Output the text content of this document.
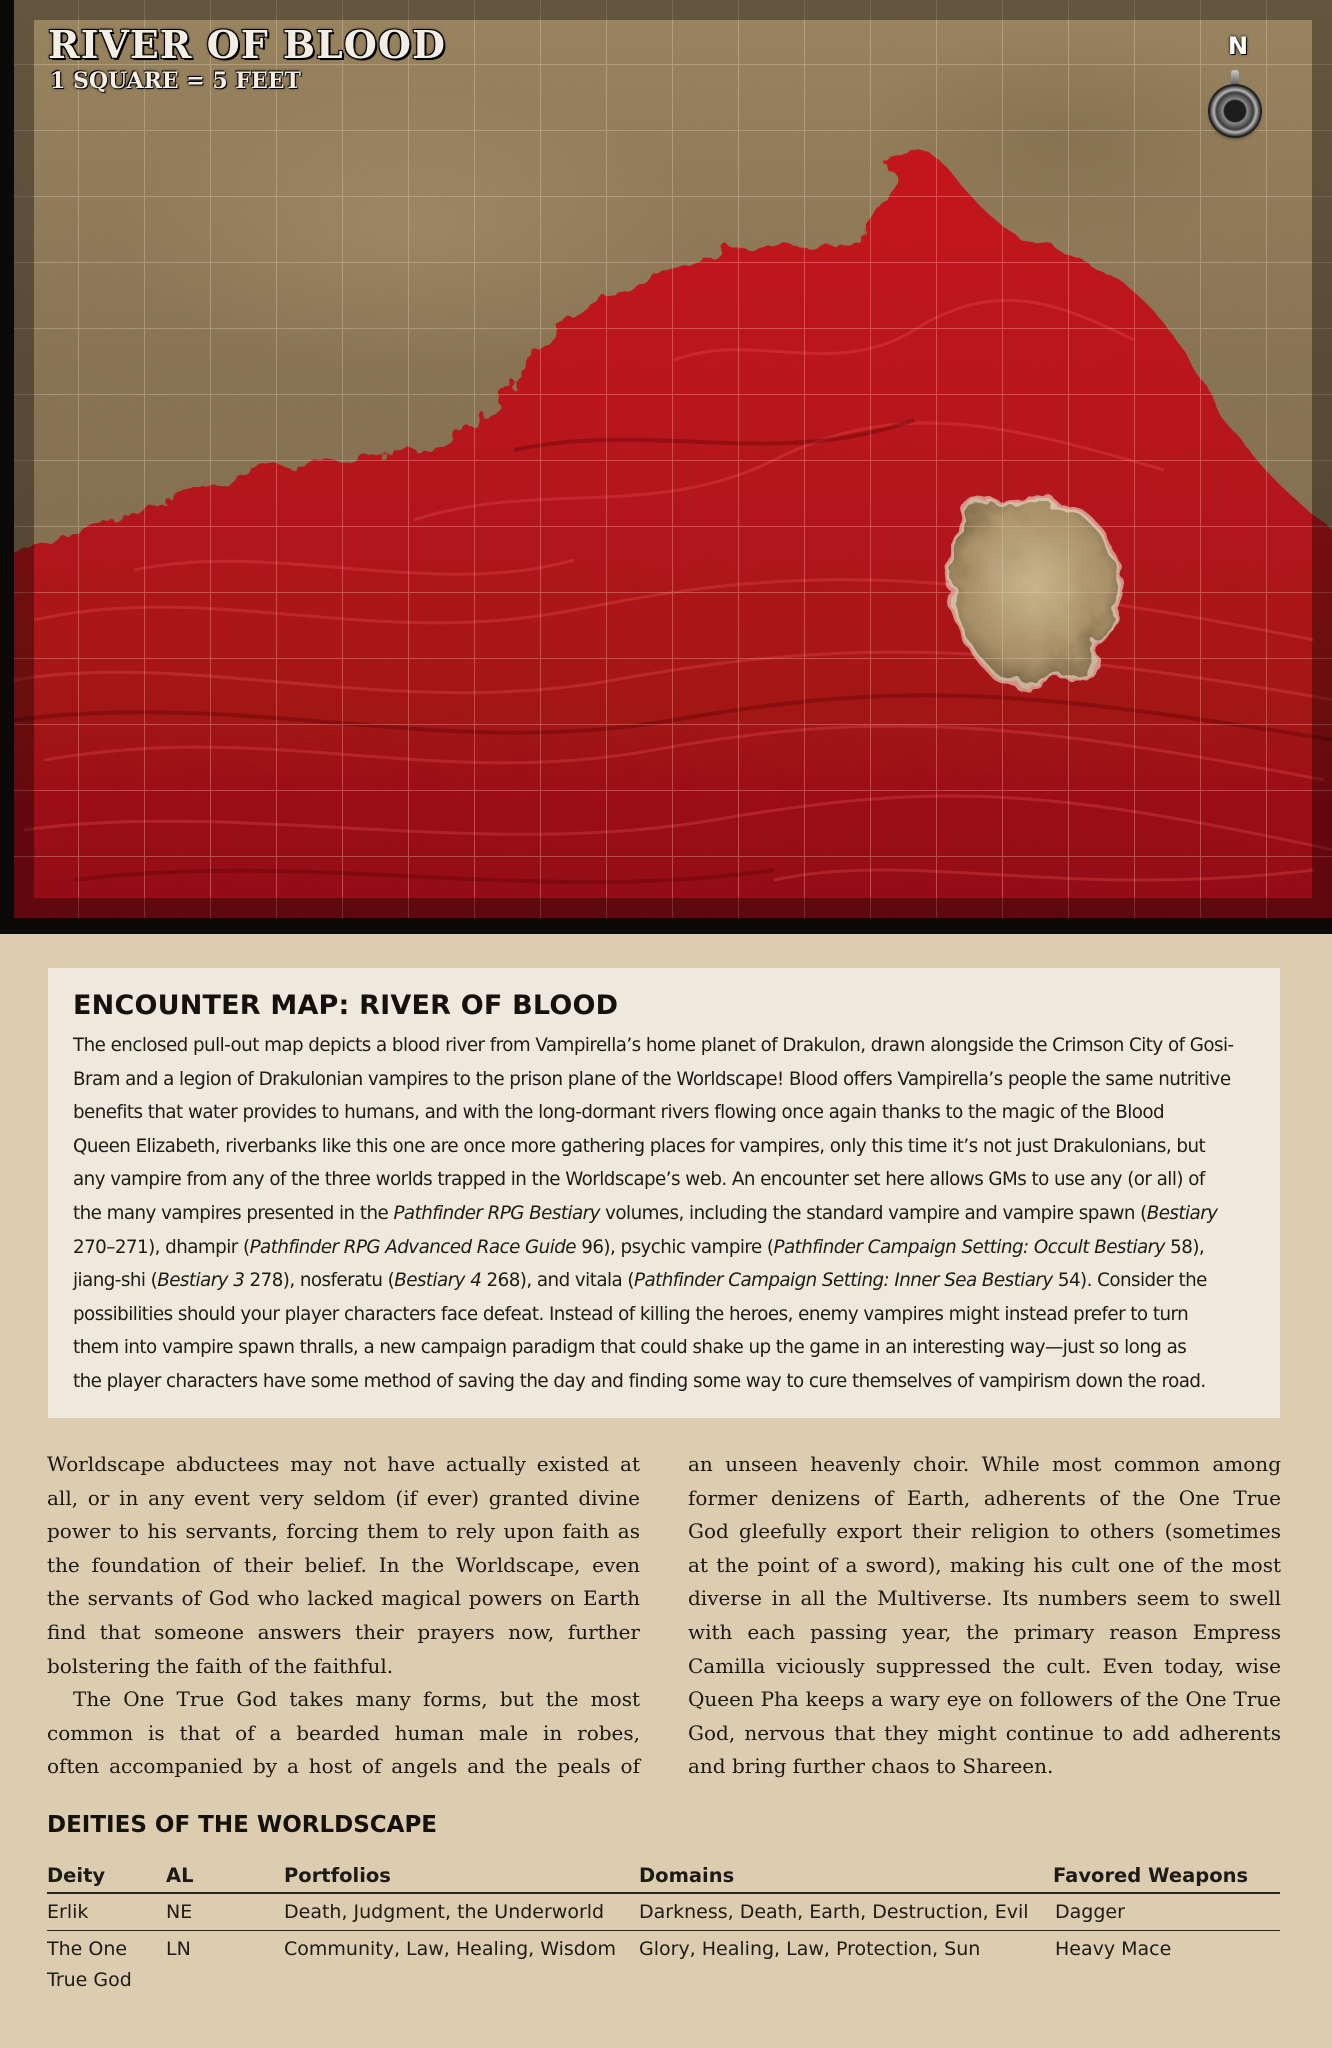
RIVER OF BLOOD
1 SQUARE = 5 FEET
N
ENCOUNTER MAP: RIVER OF BLOOD

The enclosed pull-out map depicts a blood river from Vampirella’s home planet of Drakulon, drawn alongside the Crimson City of Gosi-
Bram and a legion of Drakulonian vampires to the prison plane of the Worldscape! Blood offers Vampirella’s people the same nutritive
benefits that water provides to humans, and with the long-dormant rivers flowing once again thanks to the magic of the Blood
Queen Elizabeth, riverbanks like this one are once more gathering places for vampires, only this time it’s not just Drakulonians, but
any vampire from any of the three worlds trapped in the Worldscape’s web. An encounter set here allows GMs to use any (or all) of
the many vampires presented in the Pathfinder RPG Bestiary volumes, including the standard vampire and vampire spawn (Bestiary
270–271), dhampir (Pathfinder RPG Advanced Race Guide 96), psychic vampire (Pathfinder Campaign Setting: Occult Bestiary 58),
jiang-shi (Bestiary 3 278), nosferatu (Bestiary 4 268), and vitala (Pathfinder Campaign Setting: Inner Sea Bestiary 54). Consider the
possibilities should your player characters face defeat. Instead of killing the heroes, enemy vampires might instead prefer to turn
them into vampire spawn thralls, a new campaign paradigm that could shake up the game in an interesting way—just so long as
the player characters have some method of saving the day and finding some way to cure themselves of vampirism down the road.

Worldscape abductees may not have actually existed at
all, or in any event very seldom (if ever) granted divine
power to his servants, forcing them to rely upon faith as
the foundation of their belief. In the Worldscape, even
the servants of God who lacked magical powers on Earth
find that someone answers their prayers now, further
bolstering the faith of the faithful.
The One True God takes many forms, but the most
common is that of a bearded human male in robes,
often accompanied by a host of angels and the peals of
an unseen heavenly choir. While most common among
former denizens of Earth, adherents of the One True
God gleefully export their religion to others (sometimes
at the point of a sword), making his cult one of the most
diverse in all the Multiverse. Its numbers seem to swell
with each passing year, the primary reason Empress
Camilla viciously suppressed the cult. Even today, wise
Queen Pha keeps a wary eye on followers of the One True
God, nervous that they might continue to add adherents
and bring further chaos to Shareen.
DEITIES OF THE WORLDSCAPE
Deity	AL	Portfolios	Domains	Favored Weapons
Erlik	NE	Death, Judgment, the Underworld	Darkness, Death, Earth, Destruction, Evil	Dagger
The One
True God	LN	Community, Law, Healing, Wisdom	Glory, Healing, Law, Protection, Sun	Heavy Mace
